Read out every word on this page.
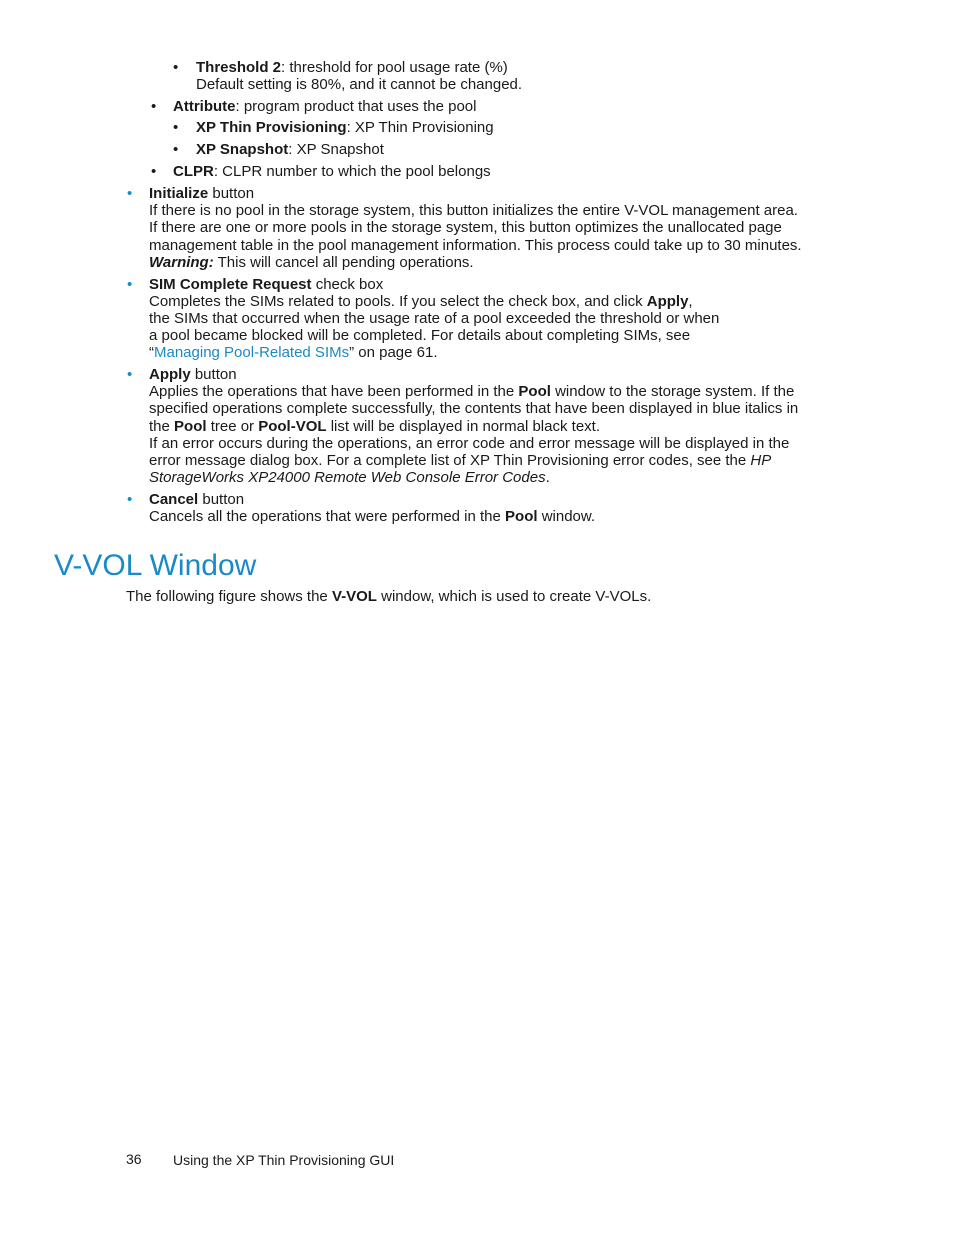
• Threshold 2: threshold for pool usage rate (%)
Default setting is 80%, and it cannot be changed.
• Attribute: program product that uses the pool
• XP Thin Provisioning: XP Thin Provisioning
• XP Snapshot: XP Snapshot
• CLPR: CLPR number to which the pool belongs
• Initialize button
If there is no pool in the storage system, this button initializes the entire V-VOL management area.
If there are one or more pools in the storage system, this button optimizes the unallocated page
management table in the pool management information. This process could take up to 30 minutes.
Warning: This will cancel all pending operations.
• SIM Complete Request check box
Completes the SIMs related to pools. If you select the check box, and click Apply,
the SIMs that occurred when the usage rate of a pool exceeded the threshold or when
a pool became blocked will be completed. For details about completing SIMs, see
“Managing Pool-Related SIMs” on page 61.
• Apply button
Applies the operations that have been performed in the Pool window to the storage system. If the
specified operations complete successfully, the contents that have been displayed in blue italics in
the Pool tree or Pool-VOL list will be displayed in normal black text.
If an error occurs during the operations, an error code and error message will be displayed in the
error message dialog box. For a complete list of XP Thin Provisioning error codes, see the HP
StorageWorks XP24000 Remote Web Console Error Codes.
• Cancel button
Cancels all the operations that were performed in the Pool window.
V-VOL Window
The following figure shows the V-VOL window, which is used to create V-VOLs.
36 Using the XP Thin Provisioning GUI
